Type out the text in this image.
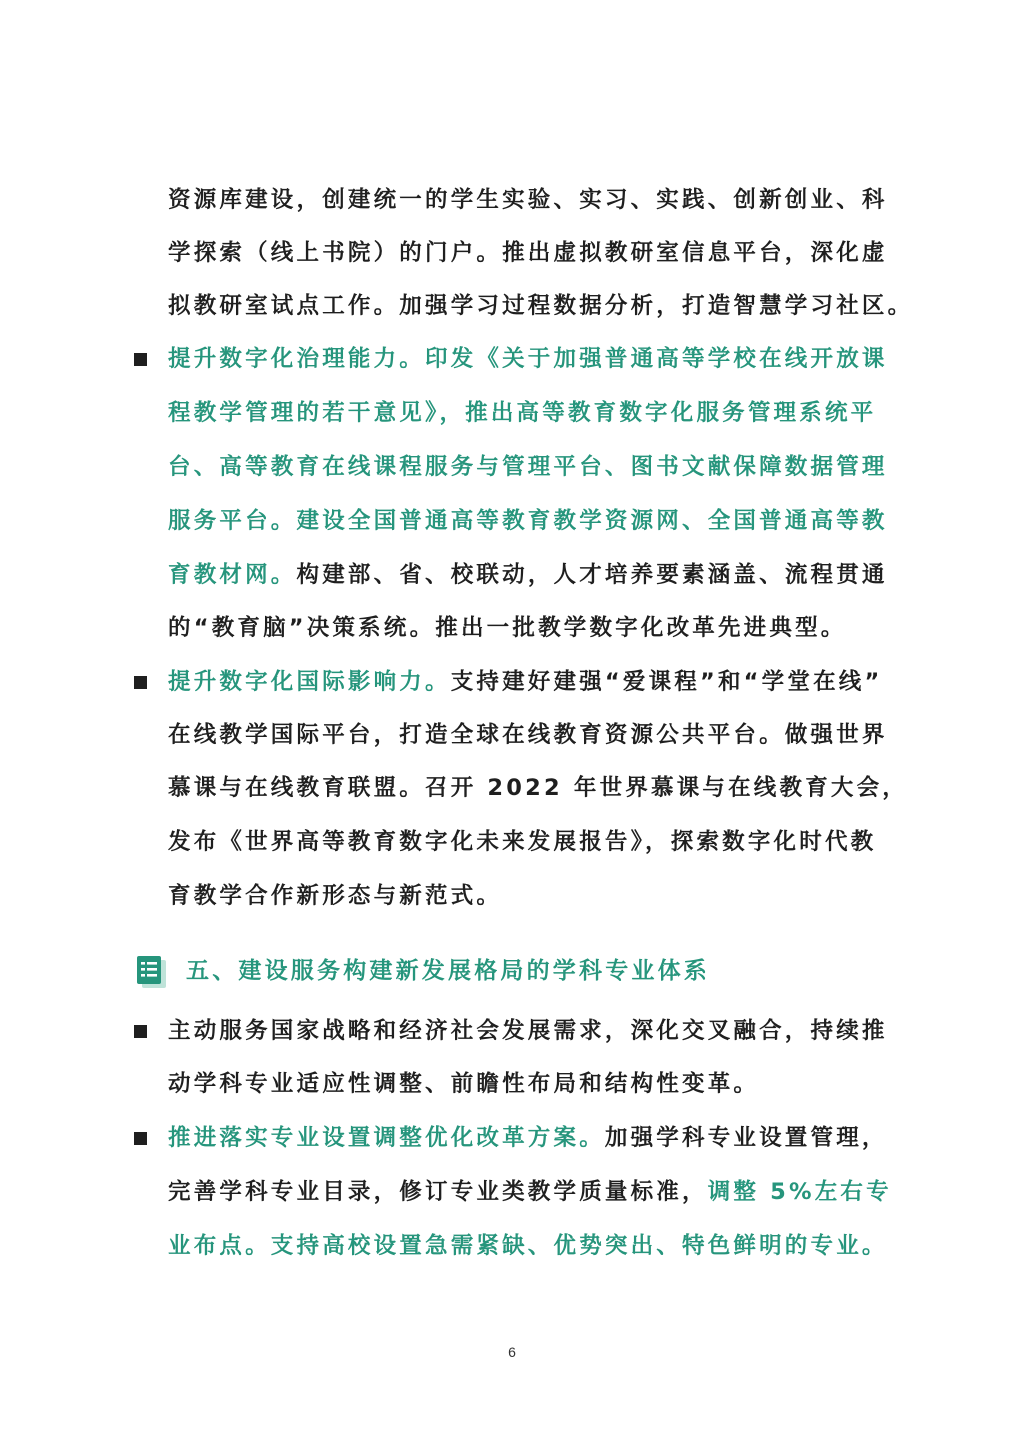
资源库建设，创建统一的学生实验、实习、实践、创新创业、科
学探索（线上书院）的门户。推出虚拟教研室信息平台，深化虚
拟教研室试点工作。加强学习过程数据分析，打造智慧学习社区。
提升数字化治理能力。印发《关于加强普通高等学校在线开放课
程教学管理的若干意见》，推出高等教育数字化服务管理系统平
台、高等教育在线课程服务与管理平台、图书文献保障数据管理
服务平台。建设全国普通高等教育教学资源网、全国普通高等教
育教材网。构建部、省、校联动，人才培养要素涵盖、流程贯通
的“教育脑”决策系统。推出一批教学数字化改革先进典型。
提升数字化国际影响力。支持建好建强“爱课程”和“学堂在线”
在线教学国际平台，打造全球在线教育资源公共平台。做强世界
慕课与在线教育联盟。召开 2022 年世界慕课与在线教育大会，
发布《世界高等教育数字化未来发展报告》，探索数字化时代教
育教学合作新形态与新范式。
五、建设服务构建新发展格局的学科专业体系
主动服务国家战略和经济社会发展需求，深化交叉融合，持续推
动学科专业适应性调整、前瞻性布局和结构性变革。
推进落实专业设置调整优化改革方案。加强学科专业设置管理，
完善学科专业目录，修订专业类教学质量标准，调整 5%左右专
业布点。支持高校设置急需紧缺、优势突出、特色鲜明的专业。
6
